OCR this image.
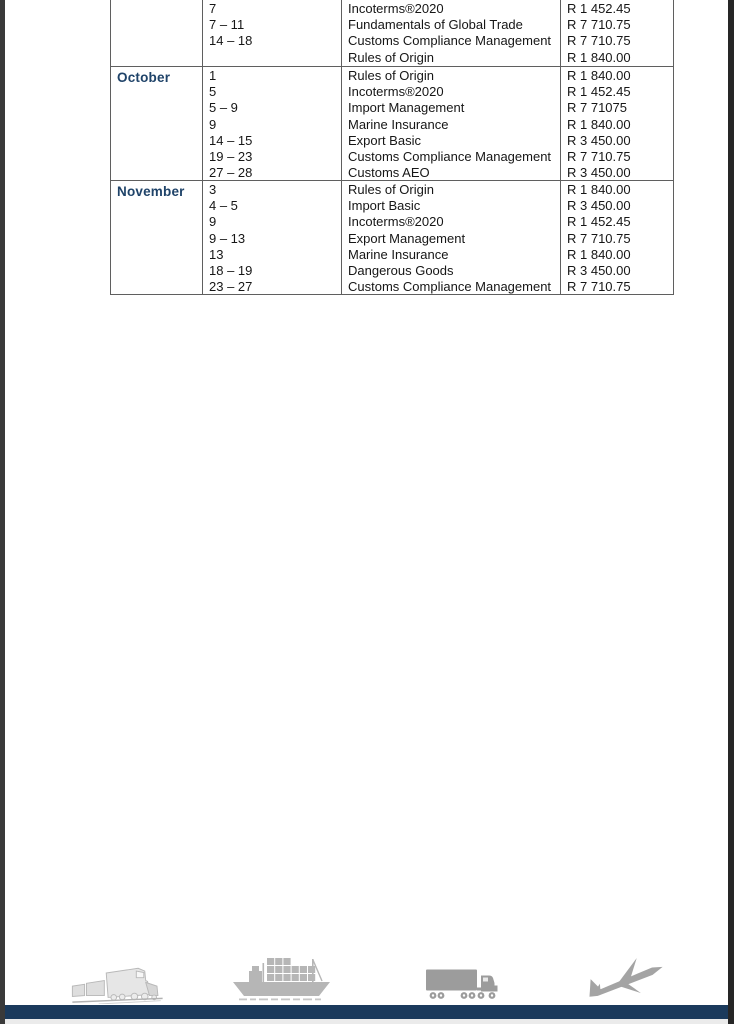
7
7 – 11
14 – 18
Incoterms®2020
Fundamentals of Global Trade
Customs Compliance Management
Rules of Origin
R 1 452.45
R 7 710.75
R 7 710.75
R 1 840.00
October	1
5
5 – 9
9
14 – 15
19 – 23
27 – 28
Rules of Origin
Incoterms®2020
Import Management
Marine Insurance
Export Basic
Customs Compliance Management
Customs AEO
R 1 840.00
R 1 452.45
R 7 71075
R 1 840.00
R 3 450.00
R 7 710.75
R 3 450.00
November	3
4 – 5
9
9 – 13
13
18 – 19
23 – 27
Rules of Origin
Import Basic
Incoterms®2020
Export Management
Marine Insurance
Dangerous Goods
Customs Compliance Management
R 1 840.00
R 3 450.00
R 1 452.45
R 7 710.75
R 1 840.00
R 3 450.00
R 7 710.75
